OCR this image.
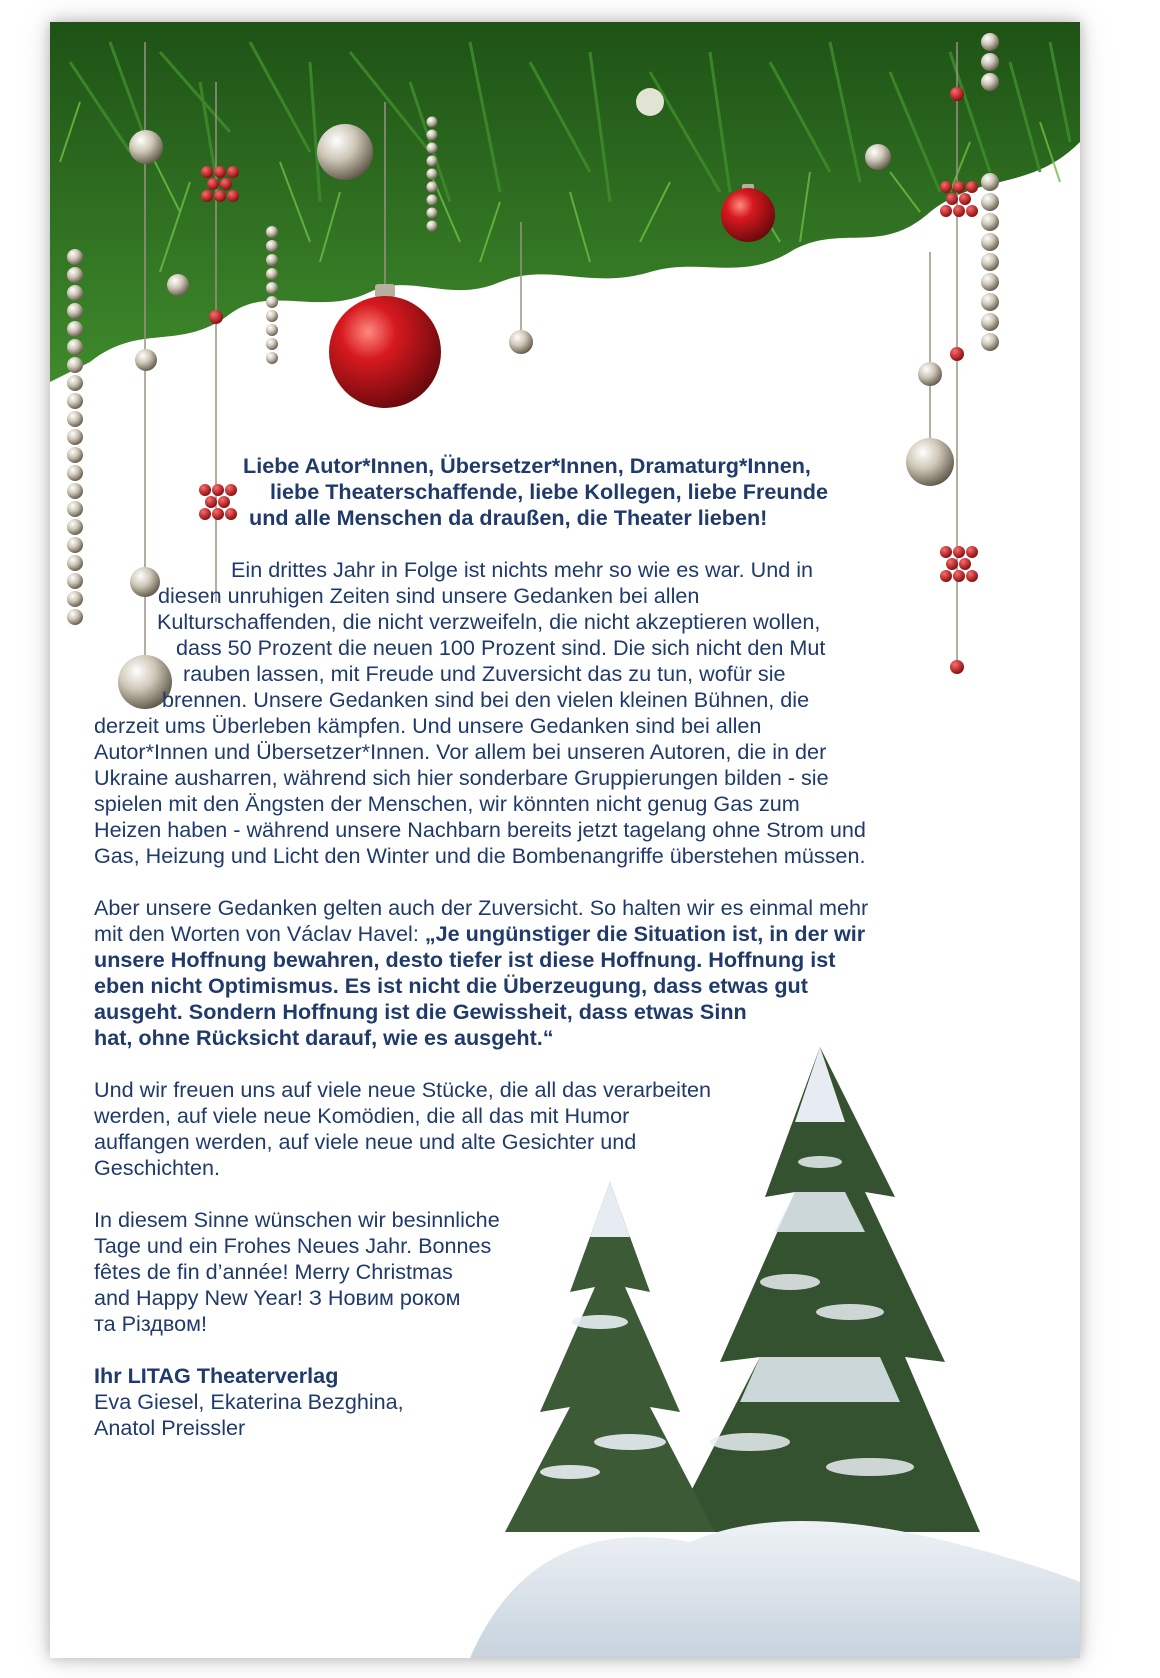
Liebe Autor*Innen, Übersetzer*Innen, Dramaturg*Innen,
liebe Theaterschaffende, liebe Kollegen, liebe Freunde
und alle Menschen da draußen, die Theater lieben!
Ein drittes Jahr in Folge ist nichts mehr so wie es war. Und in
diesen unruhigen Zeiten sind unsere Gedanken bei allen
Kulturschaffenden, die nicht verzweifeln, die nicht akzeptieren wollen,
dass 50 Prozent die neuen 100 Prozent sind. Die sich nicht den Mut
rauben lassen, mit Freude und Zuversicht das zu tun, wofür sie
brennen. Unsere Gedanken sind bei den vielen kleinen Bühnen, die
derzeit ums Überleben kämpfen. Und unsere Gedanken sind bei allen
Autor*Innen und Übersetzer*Innen. Vor allem bei unseren Autoren, die in der
Ukraine ausharren, während sich hier sonderbare Gruppierungen bilden - sie
spielen mit den Ängsten der Menschen, wir könnten nicht genug Gas zum
Heizen haben - während unsere Nachbarn bereits jetzt tagelang ohne Strom und
Gas, Heizung und Licht den Winter und die Bombenangriffe überstehen müssen.
Aber unsere Gedanken gelten auch der Zuversicht. So halten wir es einmal mehr
mit den Worten von Václav Havel: „Je ungünstiger die Situation ist, in der wir
unsere Hoffnung bewahren, desto tiefer ist diese Hoffnung. Hoffnung ist
eben nicht Optimismus. Es ist nicht die Überzeugung, dass etwas gut
ausgeht. Sondern Hoffnung ist die Gewissheit, dass etwas Sinn
hat, ohne Rücksicht darauf, wie es ausgeht.“
Und wir freuen uns auf viele neue Stücke, die all das verarbeiten
werden, auf viele neue Komödien, die all das mit Humor
auffangen werden, auf viele neue und alte Gesichter und
Geschichten.
In diesem Sinne wünschen wir besinnliche
Tage und ein Frohes Neues Jahr. Bonnes
fêtes de fin d’année! Merry Christmas
and Happy New Year! З Новим роком
та Різдвом!
Ihr LITAG Theaterverlag
Eva Giesel, Ekaterina Bezghina,
Anatol Preissler
